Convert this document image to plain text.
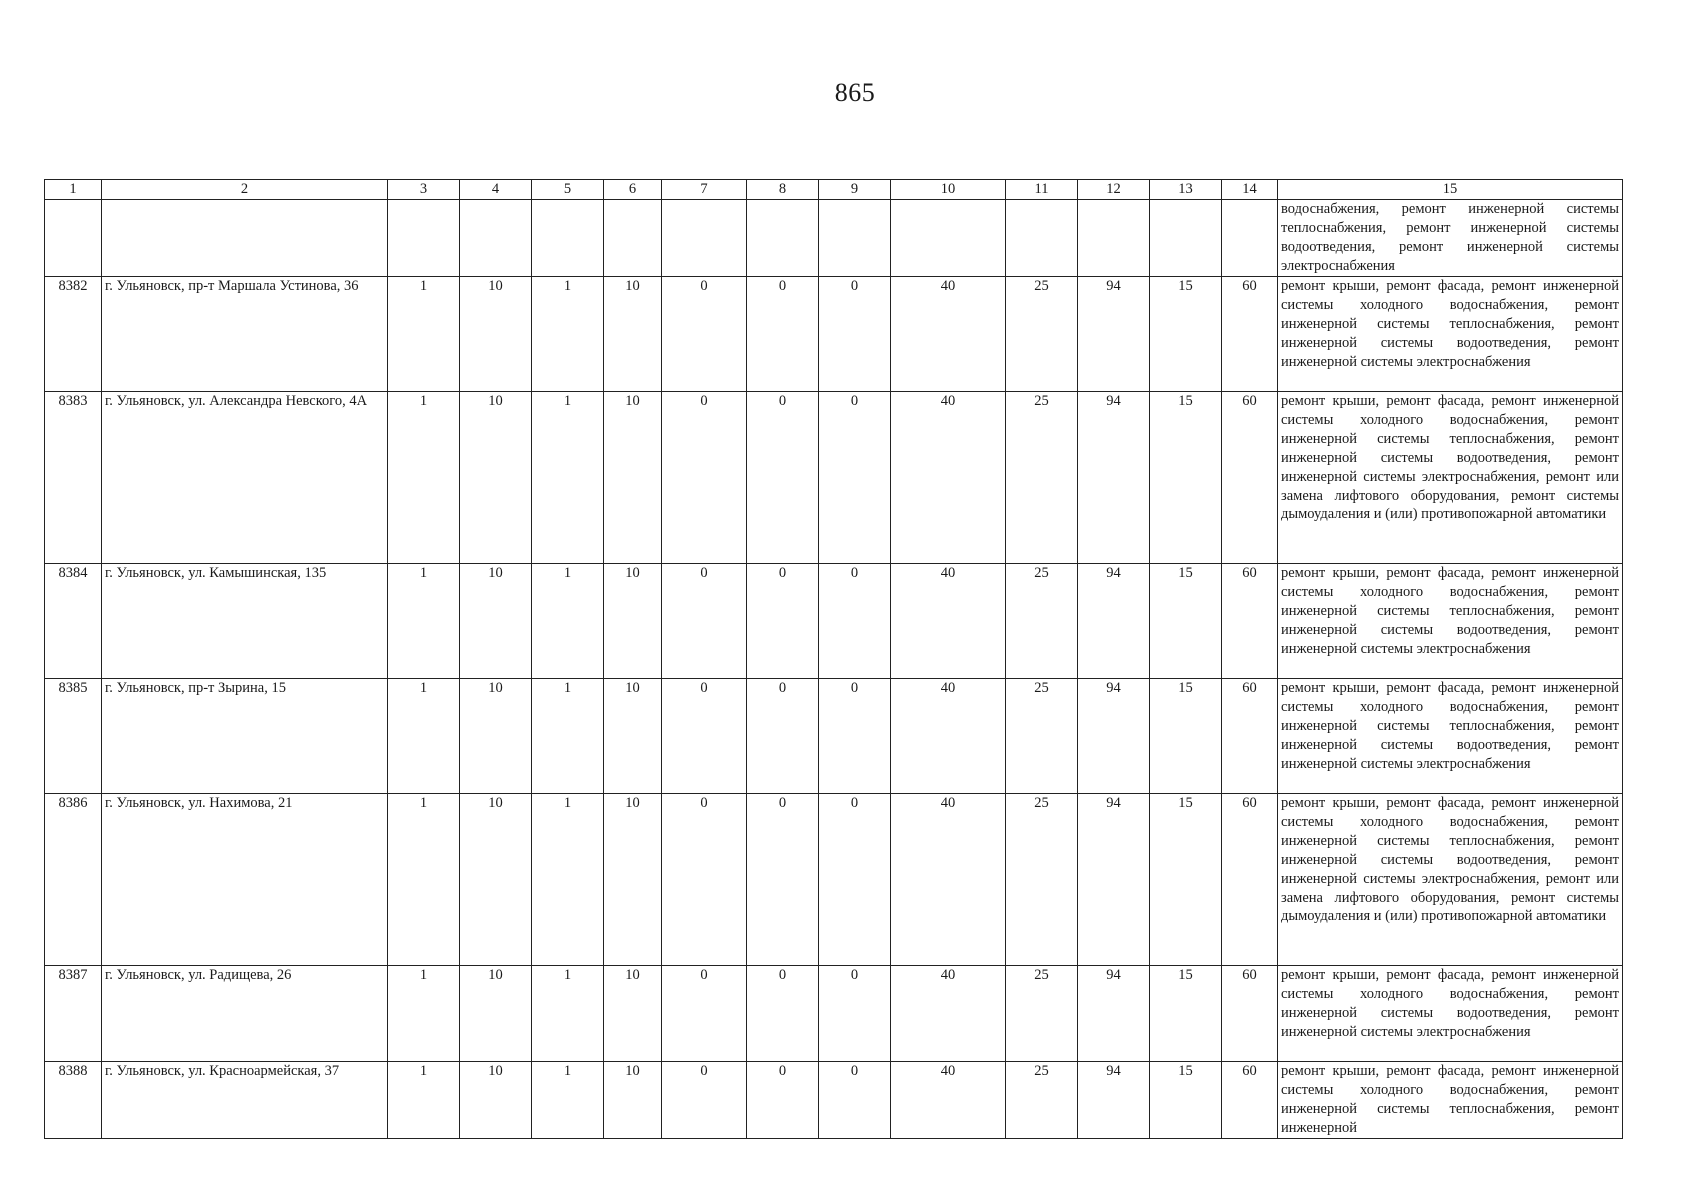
865
1	2	3	4	5	6	7	8	9	10	11	12	13	14	15
														водоснабжения, ремонт инженерной системы теплоснабжения, ремонт инженерной системы водоотведения, ремонт инженерной системы электроснабжения
8382	г. Ульяновск, пр-т Маршала Устинова, 36	1	10	1	10	0	0	0	40	25	94	15	60	ремонт крыши, ремонт фасада, ремонт инженерной системы холодного водоснабжения, ремонт инженерной системы теплоснабжения, ремонт инженерной системы водоотведения, ремонт инженерной системы электроснабжения
8383	г. Ульяновск, ул. Александра Невского, 4А	1	10	1	10	0	0	0	40	25	94	15	60	ремонт крыши, ремонт фасада, ремонт инженерной системы холодного водоснабжения, ремонт инженерной системы теплоснабжения, ремонт инженерной системы водоотведения, ремонт инженерной системы электроснабжения, ремонт или замена лифтового оборудования, ремонт системы дымоудаления и (или) противопожарной автоматики
8384	г. Ульяновск, ул. Камышинская, 135	1	10	1	10	0	0	0	40	25	94	15	60	ремонт крыши, ремонт фасада, ремонт инженерной системы холодного водоснабжения, ремонт инженерной системы теплоснабжения, ремонт инженерной системы водоотведения, ремонт инженерной системы электроснабжения
8385	г. Ульяновск, пр-т Зырина, 15	1	10	1	10	0	0	0	40	25	94	15	60	ремонт крыши, ремонт фасада, ремонт инженерной системы холодного водоснабжения, ремонт инженерной системы теплоснабжения, ремонт инженерной системы водоотведения, ремонт инженерной системы электроснабжения
8386	г. Ульяновск, ул. Нахимова, 21	1	10	1	10	0	0	0	40	25	94	15	60	ремонт крыши, ремонт фасада, ремонт инженерной системы холодного водоснабжения, ремонт инженерной системы теплоснабжения, ремонт инженерной системы водоотведения, ремонт инженерной системы электроснабжения, ремонт или замена лифтового оборудования, ремонт системы дымоудаления и (или) противопожарной автоматики
8387	г. Ульяновск, ул. Радищева, 26	1	10	1	10	0	0	0	40	25	94	15	60	ремонт крыши, ремонт фасада, ремонт инженерной системы холодного водоснабжения, ремонт инженерной системы водоотведения, ремонт инженерной системы электроснабжения
8388	г. Ульяновск, ул. Красноармейская, 37	1	10	1	10	0	0	0	40	25	94	15	60	ремонт крыши, ремонт фасада, ремонт инженерной системы холодного водоснабжения, ремонт инженерной системы теплоснабжения, ремонт инженерной
